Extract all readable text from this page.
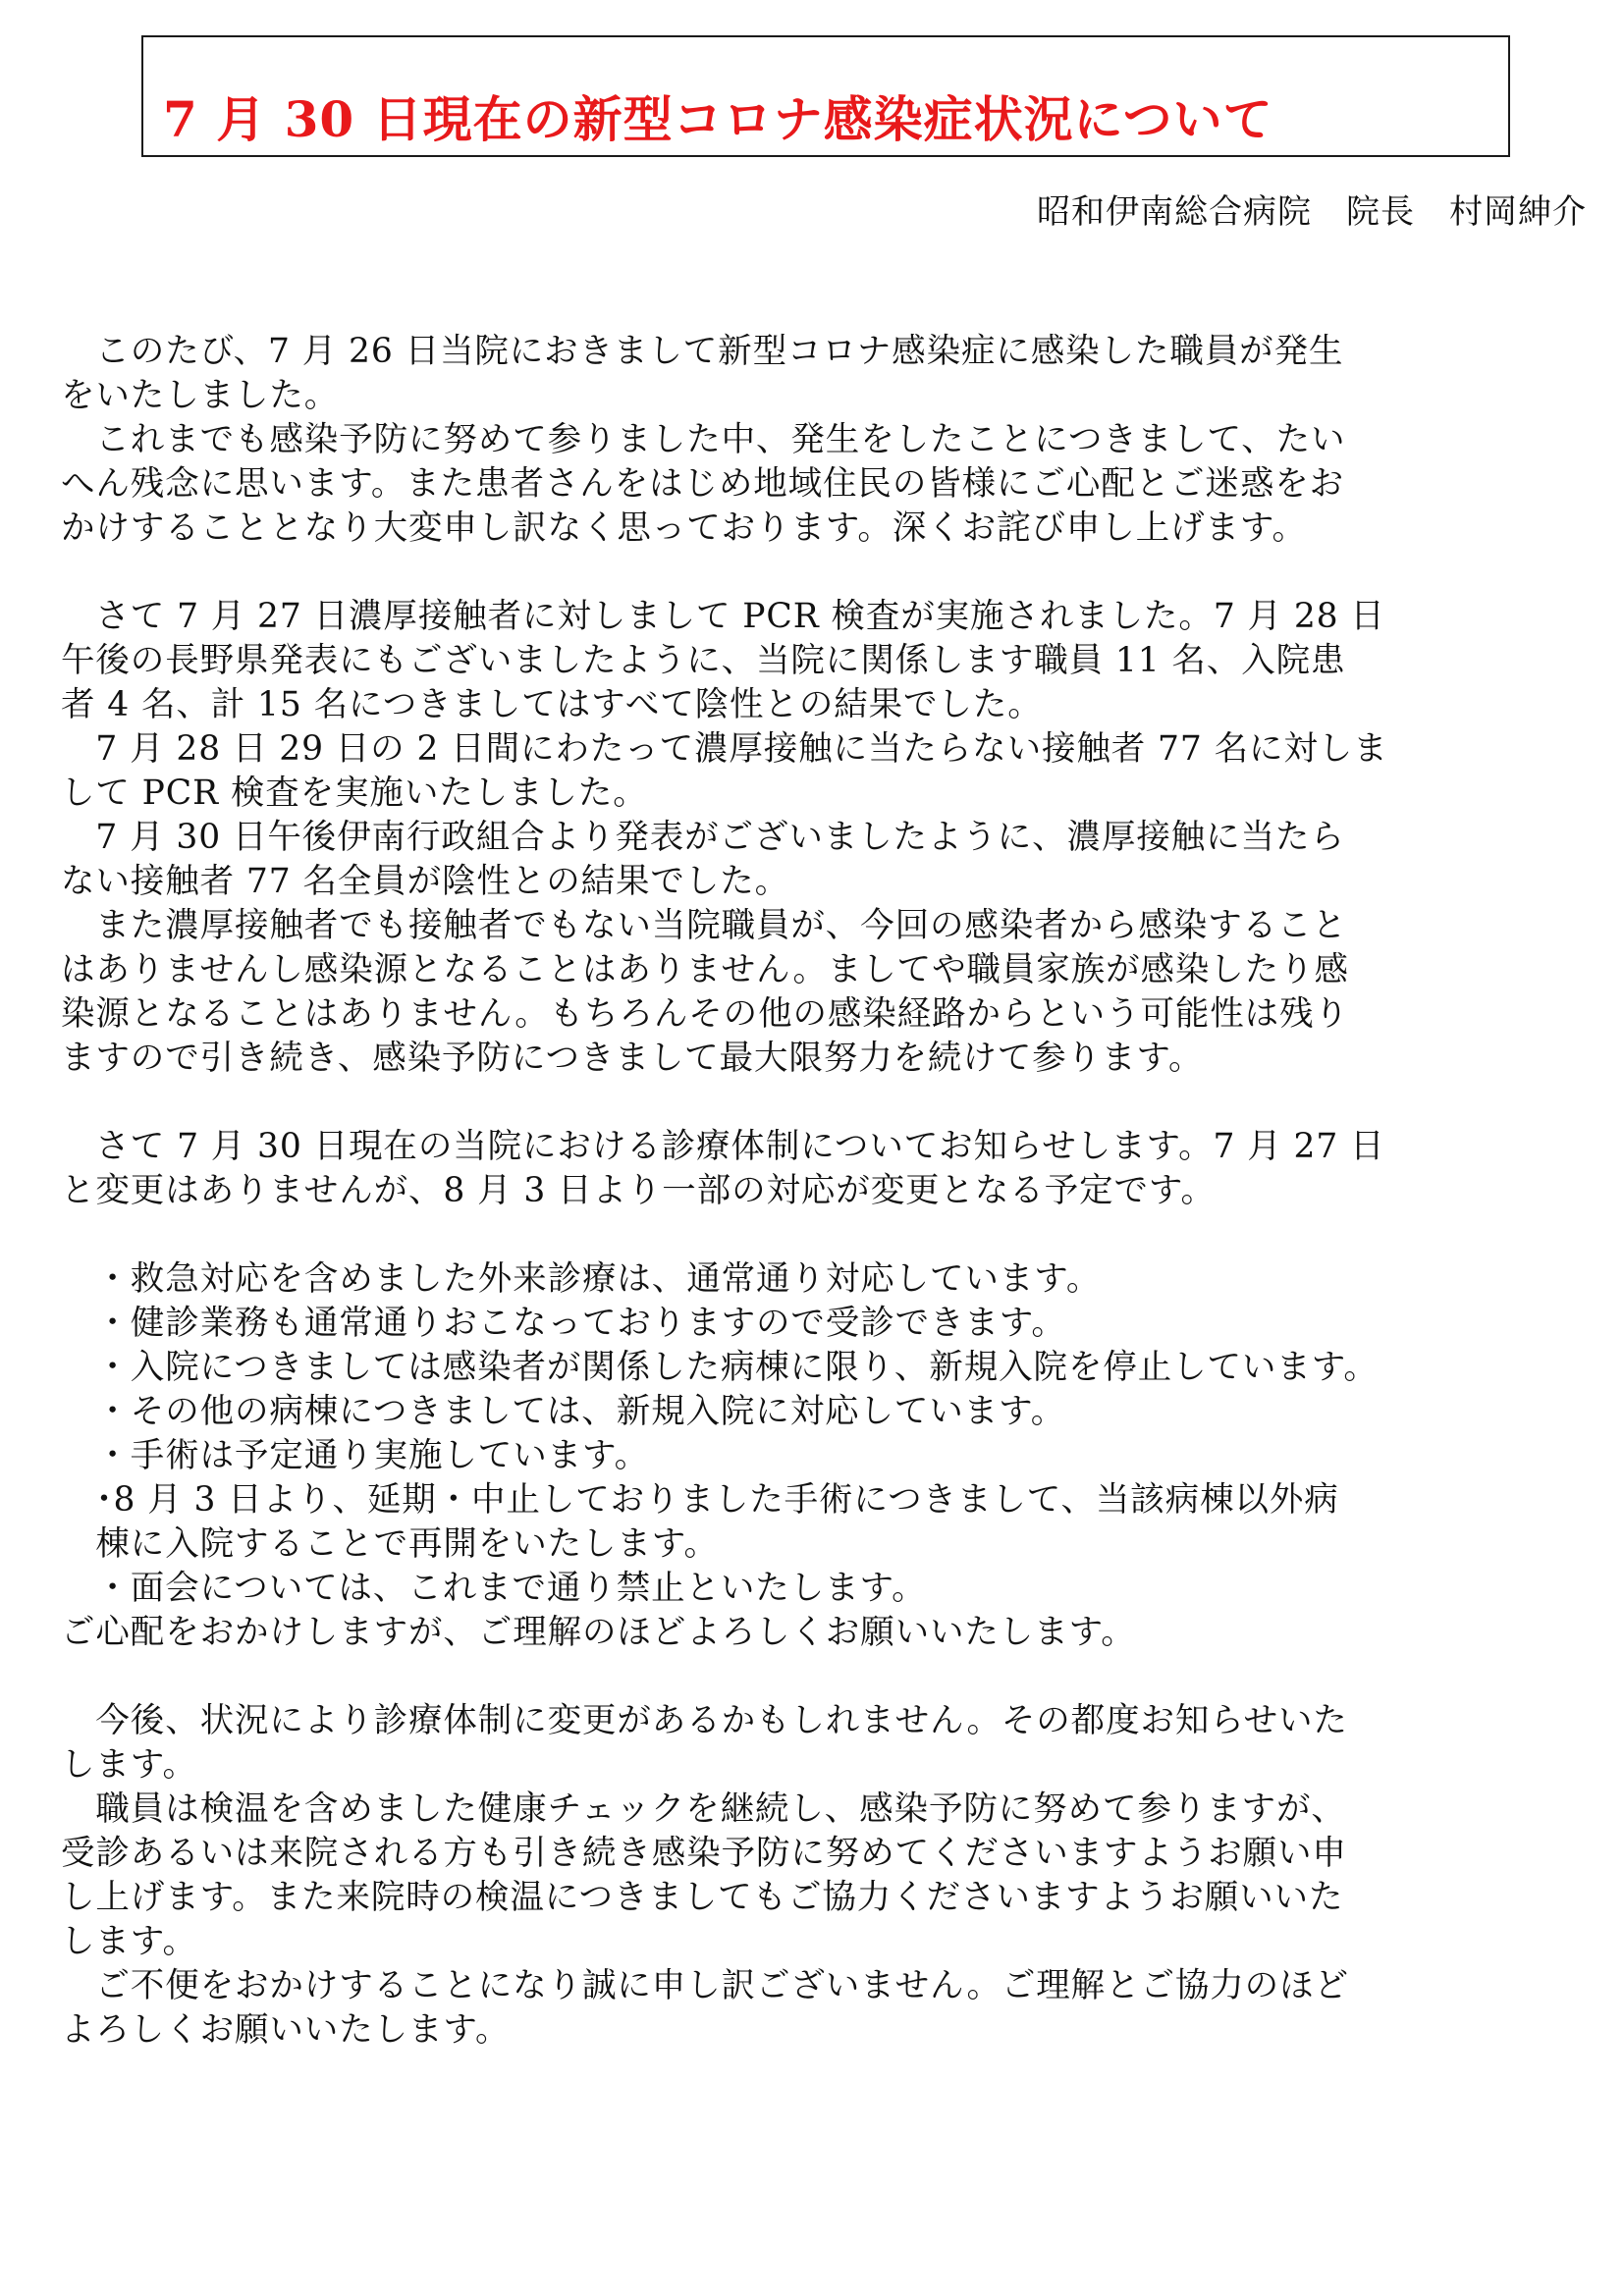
7 月 30 日現在の新型コロナ感染症状況について

昭和伊南総合病院　院長　村岡紳介

　このたび、7 月 26 日当院におきまして新型コロナ感染症に感染した職員が発生

をいたしました。

　これまでも感染予防に努めて参りました中、発生をしたことにつきまして、たい

へん残念に思います。また患者さんをはじめ地域住民の皆様にご心配とご迷惑をお

かけすることとなり大変申し訳なく思っております。深くお詫び申し上げます。

　さて 7 月 27 日濃厚接触者に対しまして PCR 検査が実施されました。7 月 28 日

午後の長野県発表にもございましたように、当院に関係します職員 11 名、入院患

者 4 名、計 15 名につきましてはすべて陰性との結果でした。

　7 月 28 日 29 日の 2 日間にわたって濃厚接触に当たらない接触者 77 名に対しま

して PCR 検査を実施いたしました。

　7 月 30 日午後伊南行政組合より発表がございましたように、濃厚接触に当たら

ない接触者 77 名全員が陰性との結果でした。

　また濃厚接触者でも接触者でもない当院職員が、今回の感染者から感染すること

はありませんし感染源となることはありません。ましてや職員家族が感染したり感

染源となることはありません。もちろんその他の感染経路からという可能性は残り

ますので引き続き、感染予防につきまして最大限努力を続けて参ります。

　さて 7 月 30 日現在の当院における診療体制についてお知らせします。7 月 27 日

と変更はありませんが、8 月 3 日より一部の対応が変更となる予定です。

　・救急対応を含めました外来診療は、通常通り対応しています。

　・健診業務も通常通りおこなっておりますので受診できます。

　・入院につきましては感染者が関係した病棟に限り、新規入院を停止しています。

　・その他の病棟につきましては、新規入院に対応しています。

　・手術は予定通り実施しています。

　･8 月 3 日より、延期・中止しておりました手術につきまして、当該病棟以外病

　棟に入院することで再開をいたします。

　・面会については、これまで通り禁止といたします。

ご心配をおかけしますが、ご理解のほどよろしくお願いいたします。

　今後、状況により診療体制に変更があるかもしれません。その都度お知らせいた

します。

　職員は検温を含めました健康チェックを継続し、感染予防に努めて参りますが、

受診あるいは来院される方も引き続き感染予防に努めてくださいますようお願い申

し上げます。また来院時の検温につきましてもご協力くださいますようお願いいた

します。

　ご不便をおかけすることになり誠に申し訳ございません。ご理解とご協力のほど

よろしくお願いいたします。
